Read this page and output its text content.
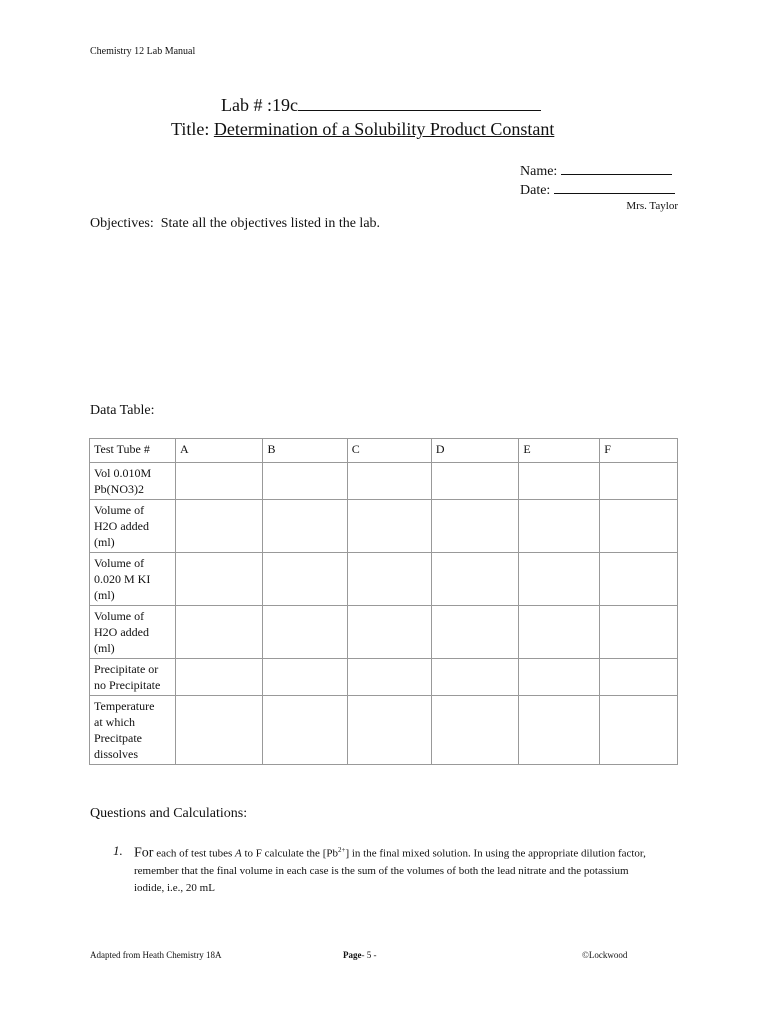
Chemistry 12 Lab Manual
Lab # :19c
Title: Determination of a Solubility Product Constant
Name:
Date:
Mrs. Taylor
Objectives:  State all the objectives listed in the lab.
Data Table:
Test Tube #	A	B	C	D	E	F

Vol 0.010M
Pb(NO3)2						

Volume of
H2O added
(ml)						

Volume of
0.020 M KI
(ml)						

Volume of
H2O added
(ml)						

Precipitate or
no Precipitate						

Temperature
at which
Precitpate
dissolves						

Questions and Calculations:
1. For each of test tubes A to F calculate the $[Pb^{2+}]$ in the final mixed solution. In using the appropriate dilution factor, remember that the final volume in each case is the sum of the volumes of both the lead nitrate and the potassium iodide, i.e., 20 mL
Adapted from Heath Chemistry 18A	Page- 5 -	©Lockwood
